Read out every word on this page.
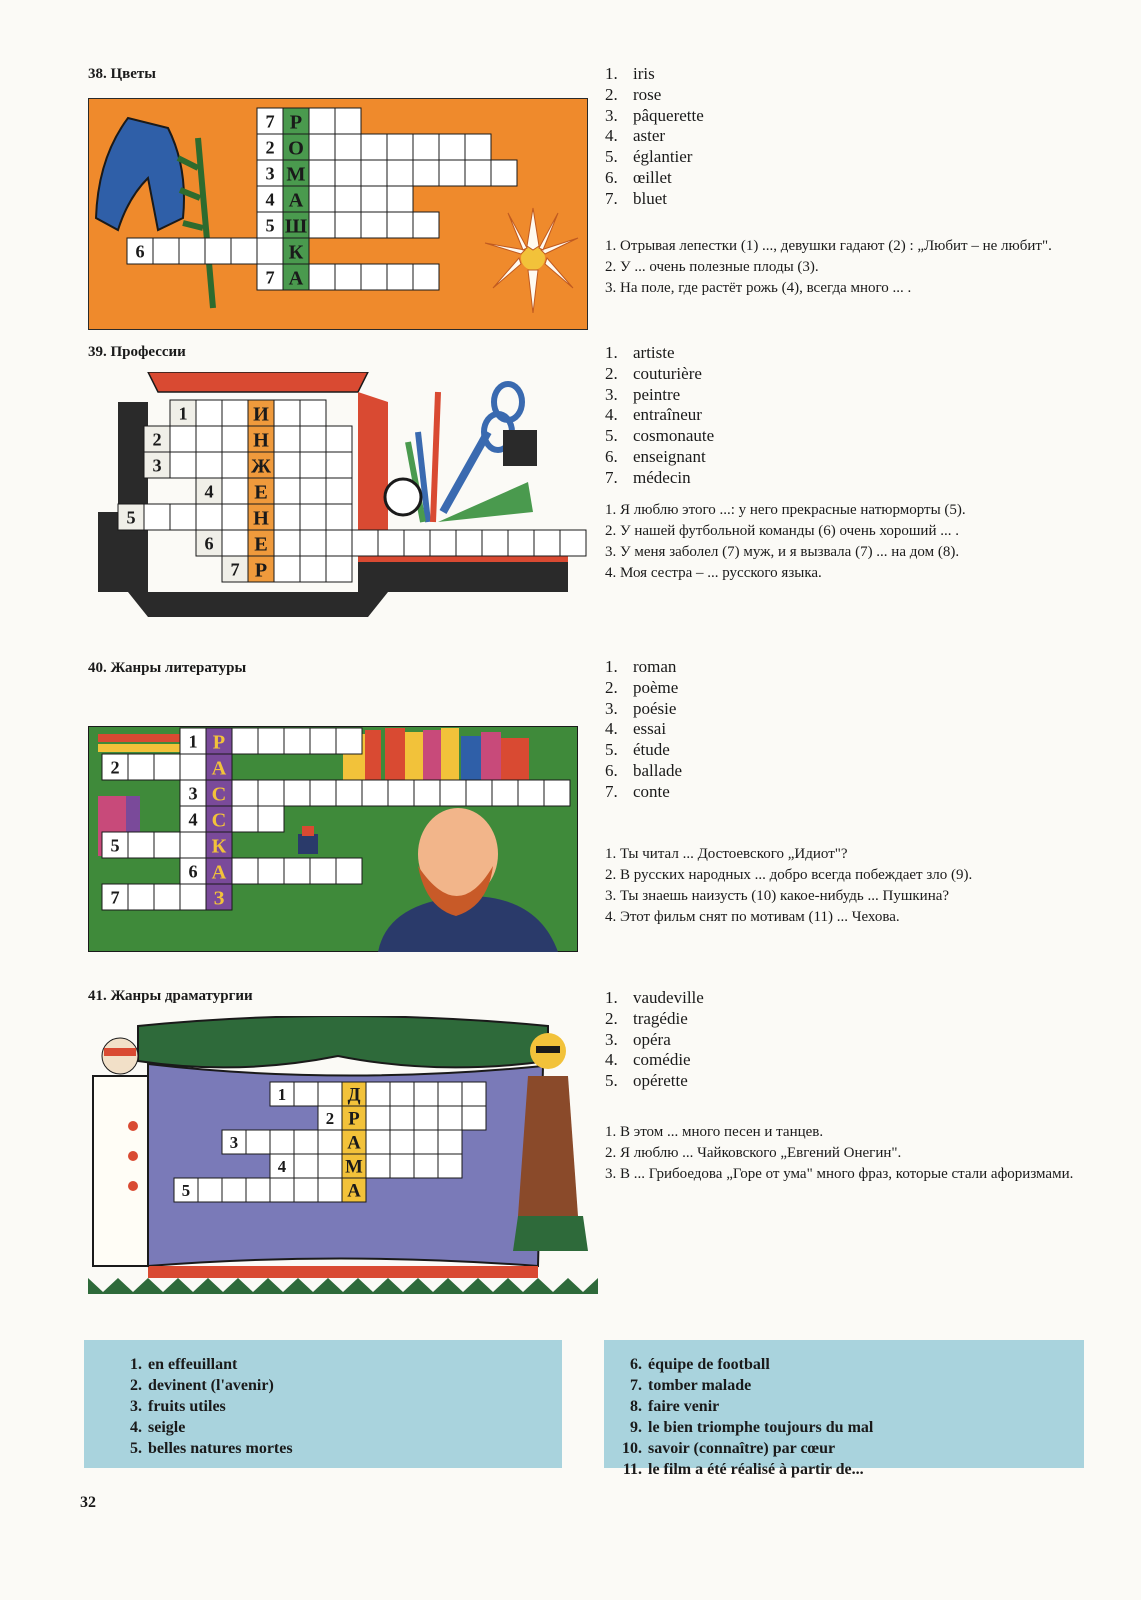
38. Цветы
7 Р
2 О
3 М
4 А
5 Ш
6	К
7 А
1. iris
2. rose
3. pâquerette
4. aster
5. églantier
6. œillet
7. bluet

1. Отрывая лепестки (1) ..., девушки гадают (2) : „Любит – не любит".

2. У ... очень полезные плоды (3).

3. На поле, где растёт рожь (4), всегда много ... .

39. Профессии
1	И
2	Н
3	Ж
4 Е
5	Н
6 Е
7 Р
1. artiste
2. couturière
3. peintre
4. entraîneur
5. cosmonaute
6. enseignant
7. médecin

1. Я люблю этого ...: у него прекрасные натюрморты (5).

2. У нашей футбольной команды (6) очень хороший ... .

3. У меня заболел (7) муж, и я вызвала (7) ... на дом (8).

4. Моя сестра – ... русского языка.

40. Жанры литературы
1 Р
2	А
3 С
4 С
5	К
6 А
7	З
1. roman
2. poème
3. poésie
4. essai
5. étude
6. ballade
7. conte

1. Ты читал ... Достоевского „Идиот"?

2. В русских народных ... добро всегда побеждает зло (9).

3. Ты знаешь наизусть (10) какое-нибудь ... Пушкина?

4. Этот фильм снят по мотивам (11) ... Чехова.

41. Жанры драматургии
1	Д
2 Р
3	А
4	М
5	А
1. vaudeville
2. tragédie
3. opéra
4. comédie
5. opérette

1. В этом ... много песен и танцев.

2. Я люблю ... Чайковского „Евгений Онегин".

3. В ... Грибоедова „Горе от ума" много фраз, которые стали афоризмами.

1. en effeuillant
2. devinent (l'avenir)
3. fruits utiles
4. seigle
5. belles natures mortes
6. équipe de football
7. tomber malade
8. faire venir
9. le bien triomphe toujours du mal
10. savoir (connaître) par cœur
11. le film a été réalisé à partir de...
32
